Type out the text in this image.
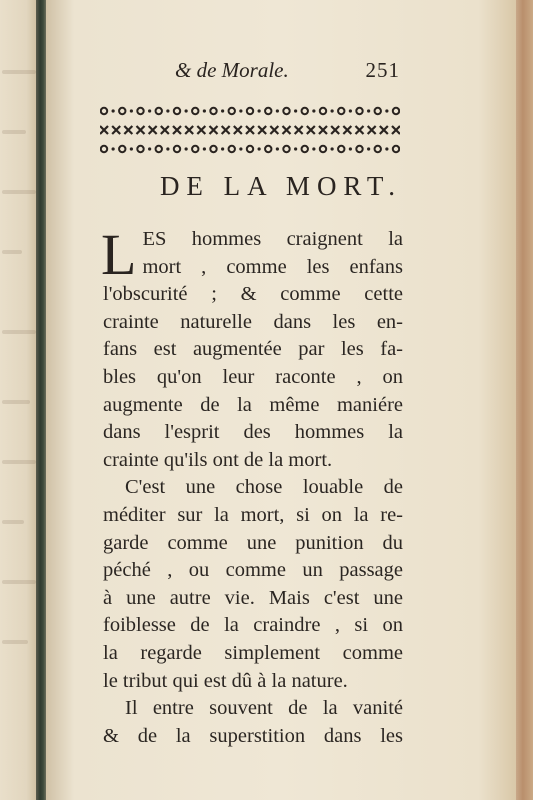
& de Morale.	251
DE LA MORT.
L ES hommes craignent la
mort , comme les enfans
l'obscurité ; & comme cette
crainte naturelle dans les en-
fans est augmentée par les fa-
bles qu'on leur raconte , on
augmente de la même maniére
dans l'esprit des hommes la
crainte qu'ils ont de la mort.
C'est une chose louable de
méditer sur la mort, si on la re-
garde comme une punition du
péché , ou comme un passage
à une autre vie. Mais c'est une
foiblesse de la craindre , si on
la regarde simplement comme
le tribut qui est dû à la nature.
Il entre souvent de la vanité
& de la superstition dans les
